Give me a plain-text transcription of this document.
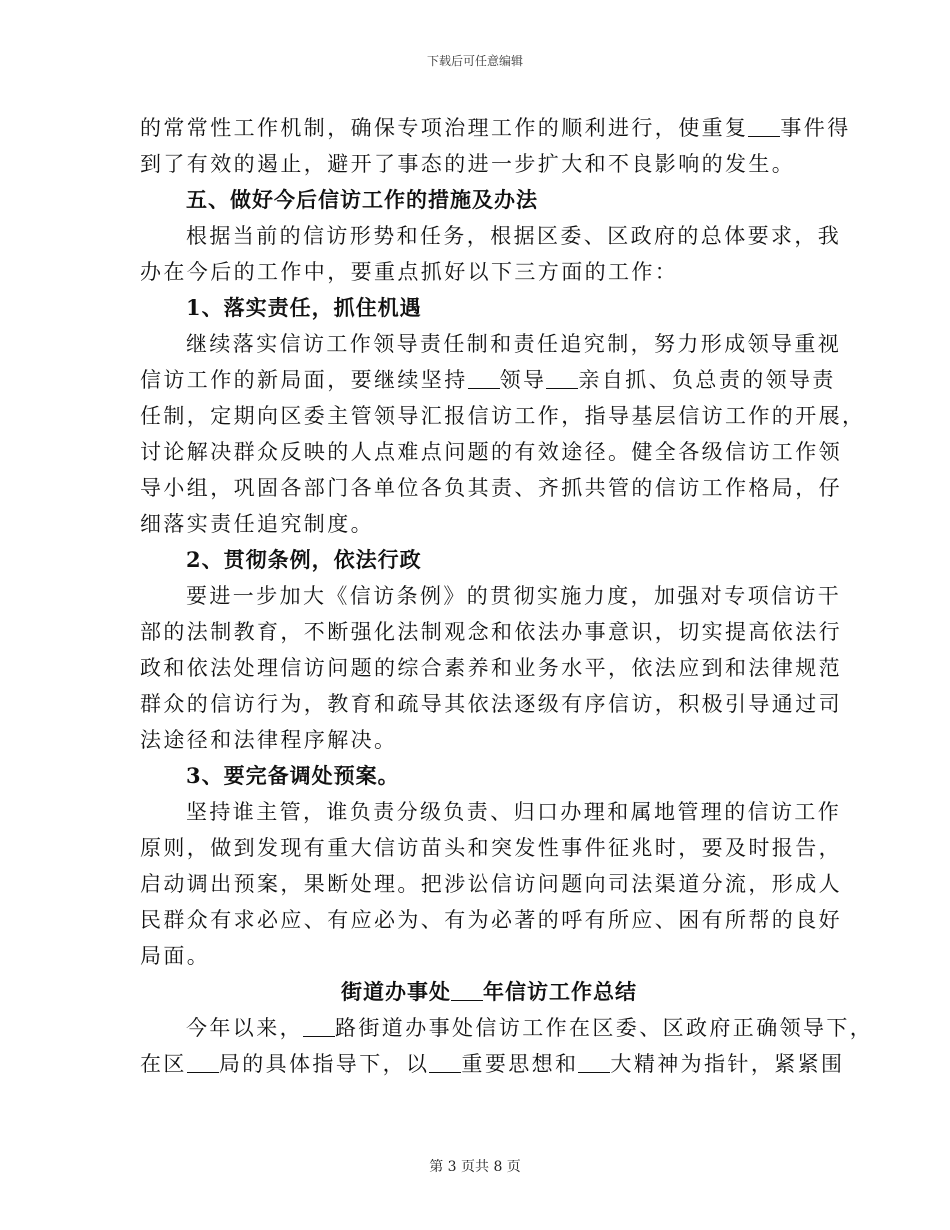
下载后可任意编辑
的常常性工作机制，确保专项治理工作的顺利进行，使重复 事件得
到了有效的遏止，避开了事态的进一步扩大和不良影响的发生。
五、做好今后信访工作的措施及办法
根据当前的信访形势和任务，根据区委、区政府的总体要求，我
办在今后的工作中，要重点抓好以下三方面的工作：
1、落实责任，抓住机遇
继续落实信访工作领导责任制和责任追究制，努力形成领导重视
信访工作的新局面，要继续坚持 领导 亲自抓、负总责的领导责
任制，定期向区委主管领导汇报信访工作，指导基层信访工作的开展，
讨论解决群众反映的人点难点问题的有效途径。健全各级信访工作领
导小组，巩固各部门各单位各负其责、齐抓共管的信访工作格局，仔
细落实责任追究制度。
2、贯彻条例，依法行政
要进一步加大《信访条例》的贯彻实施力度，加强对专项信访干
部的法制教育，不断强化法制观念和依法办事意识，切实提高依法行
政和依法处理信访问题的综合素养和业务水平，依法应到和法律规范
群众的信访行为，教育和疏导其依法逐级有序信访，积极引导通过司
法途径和法律程序解决。
3、要完备调处预案。
坚持谁主管，谁负责分级负责、归口办理和属地管理的信访工作
原则，做到发现有重大信访苗头和突发性事件征兆时，要及时报告，
启动调出预案，果断处理。把涉讼信访问题向司法渠道分流，形成人
民群众有求必应、有应必为、有为必著的呼有所应、困有所帮的良好
局面。
街道办事处 年信访工作总结
今年以来， 路街道办事处信访工作在区委、区政府正确领导下，
在区 局的具体指导下，以 重要思想和 大精神为指针，紧紧围
第 3 页共 8 页
